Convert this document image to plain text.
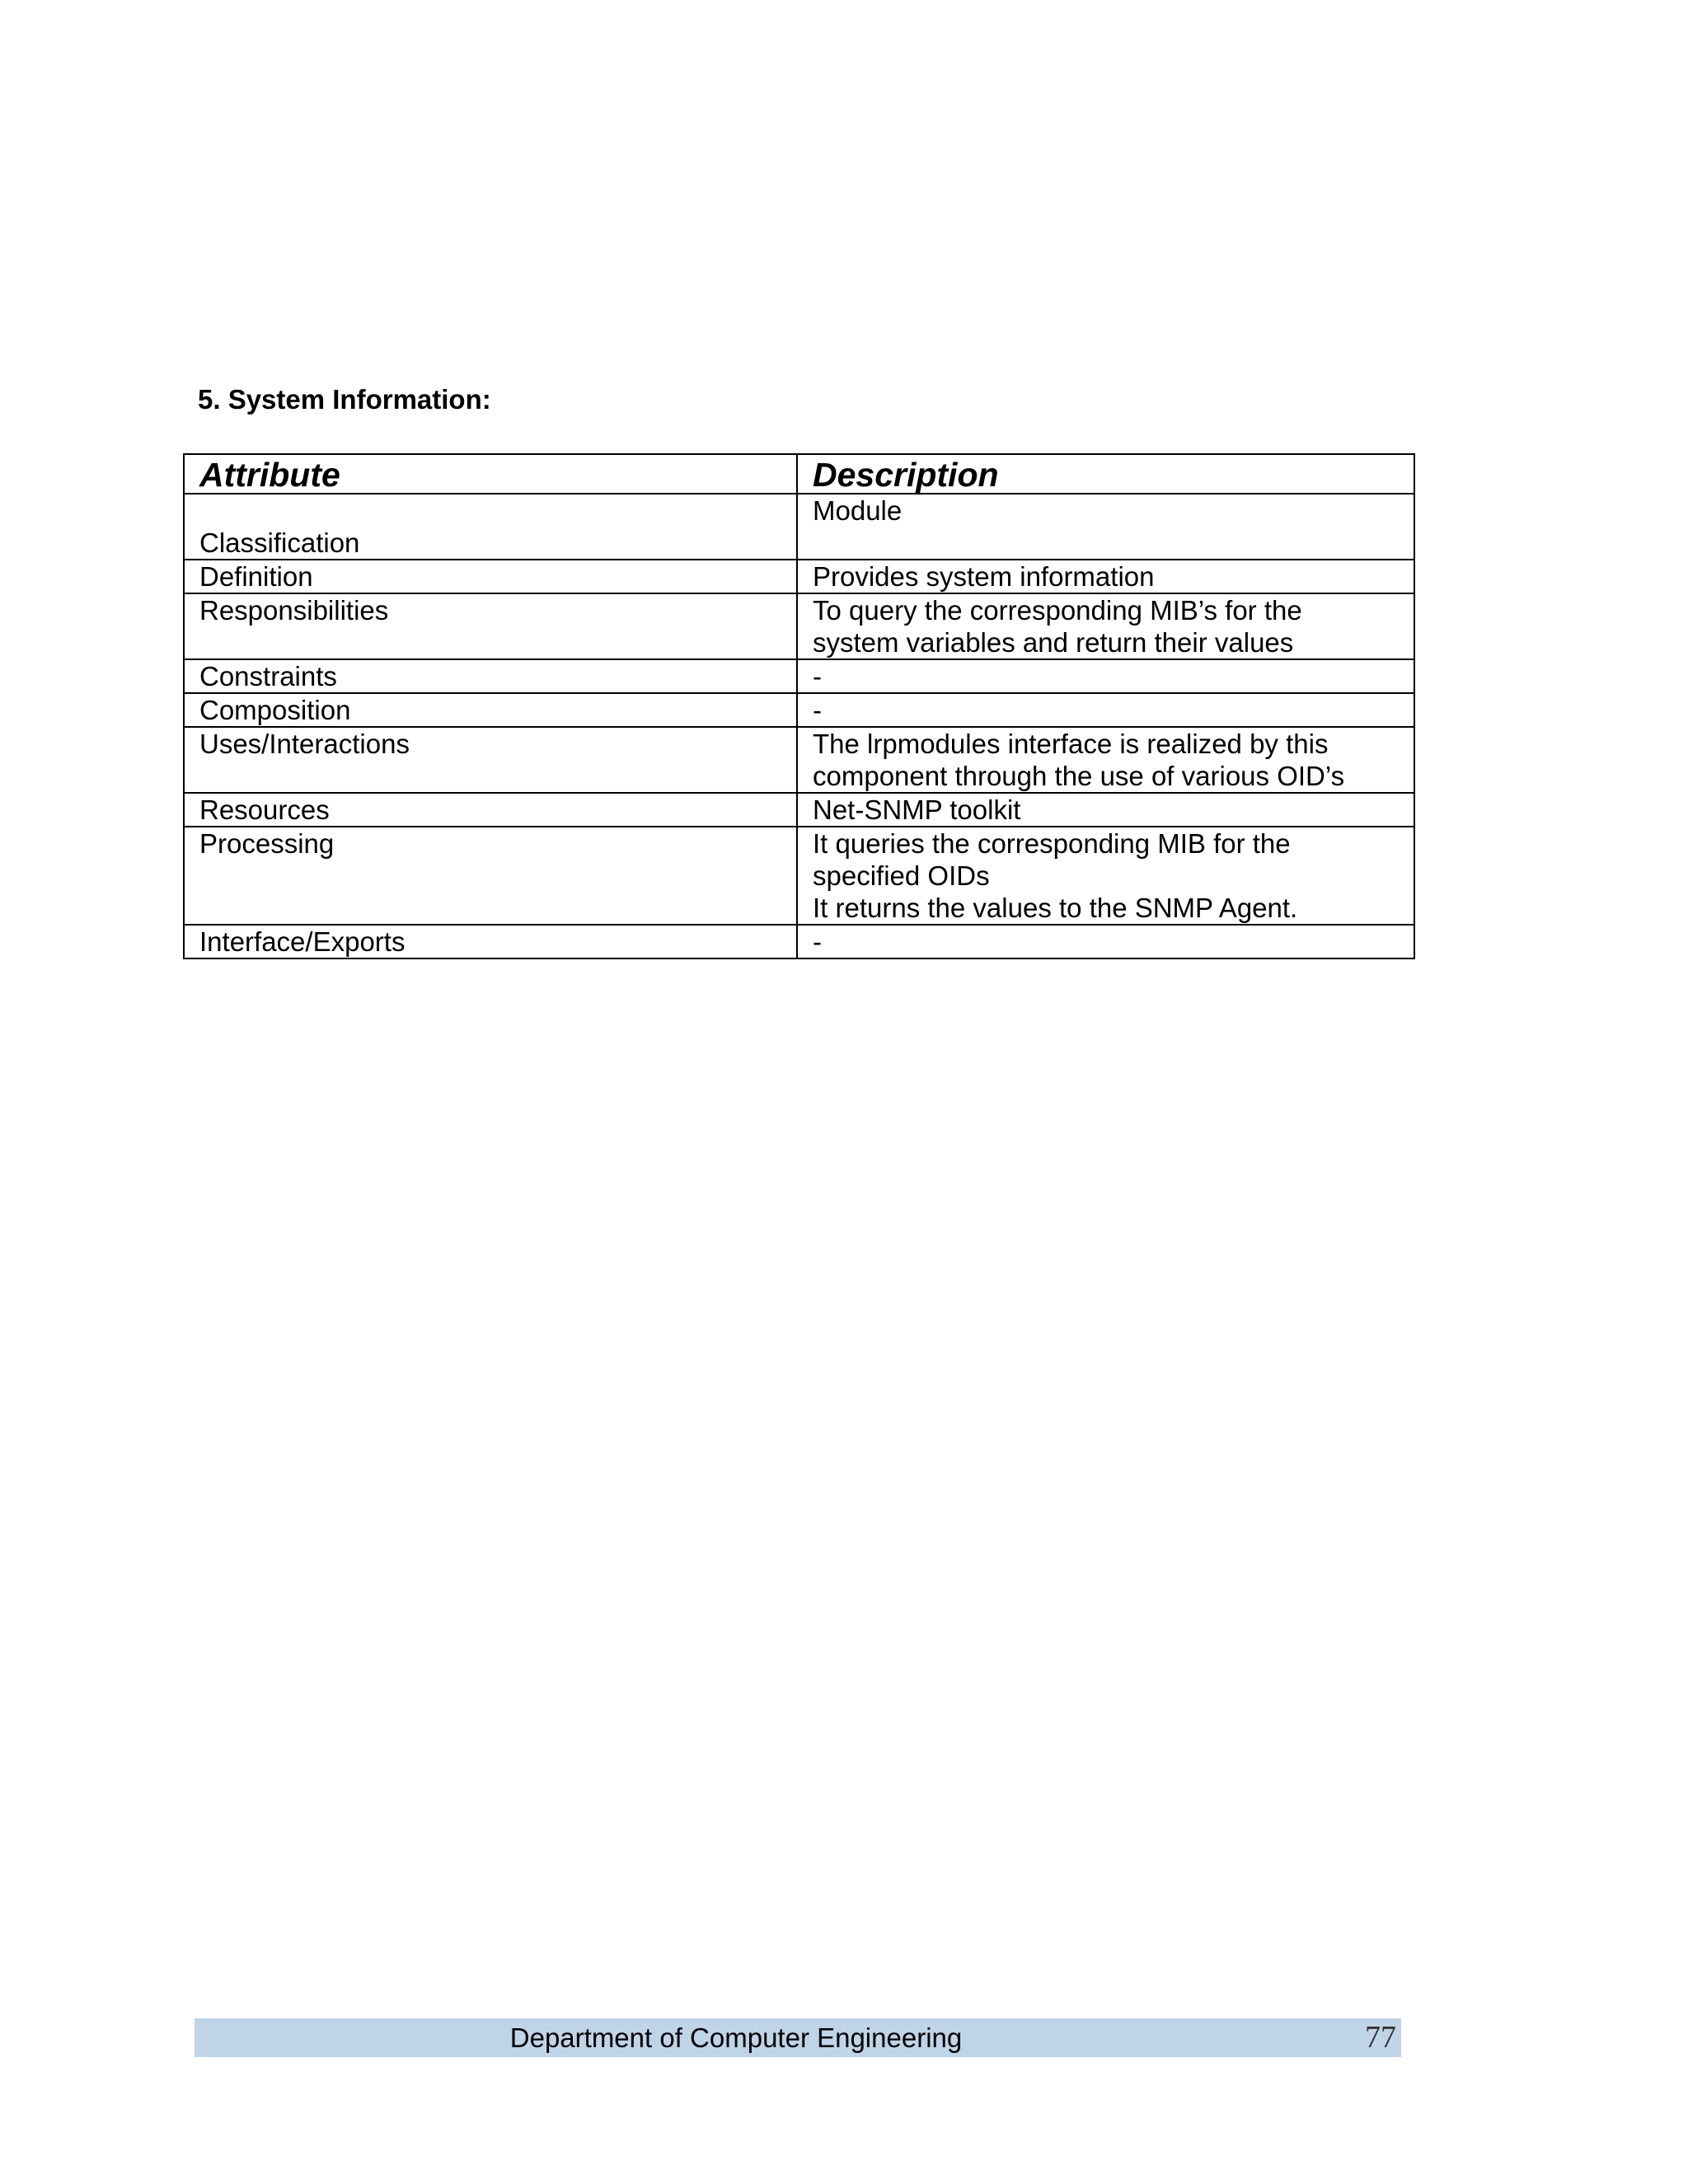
5. System Information:
Attribute	Description
Classification	Module

Definition	Provides system information

Responsibilities	To query the corresponding MIB’s for the
system variables and return their values

Constraints	-

Composition	-

Uses/Interactions	The lrpmodules interface is realized by this
component through the use of various OID’s

Resources	Net-SNMP toolkit

Processing	It queries the corresponding MIB for the
specified OIDs
It returns the values to the SNMP Agent.

Interface/Exports	-
Department of Computer Engineering	77
